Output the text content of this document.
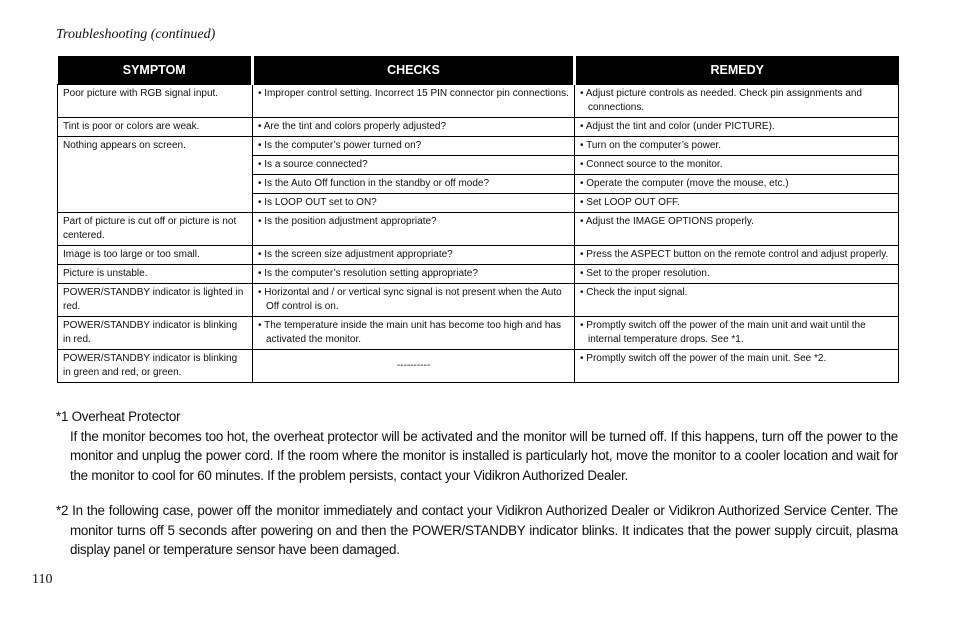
Troubleshooting (continued)
SYMPTOM	CHECKS	REMEDY
Poor picture with RGB signal input.	• Improper control setting. Incorrect 15 PIN connector pin connections.	• Adjust picture controls as needed. Check pin assignments and connections.
Tint is poor or colors are weak.	• Are the tint and colors properly adjusted?	• Adjust the tint and color (under PICTURE).
Nothing appears on screen.	• Is the computer’s power turned on?	• Turn on the computer’s power.
	• Is a source connected?	• Connect source to the monitor.
	• Is the Auto Off function in the standby or off mode?	• Operate the computer (move the mouse, etc.)
	• Is LOOP OUT set to ON?	• Set LOOP OUT OFF.
Part of picture is cut off or picture is not centered.	• Is the position adjustment appropriate?	• Adjust the IMAGE OPTIONS properly.
Image is too large or too small.	• Is the screen size adjustment appropriate?	• Press the ASPECT button on the remote control and adjust properly.
Picture is unstable.	• Is the computer’s resolution setting appropriate?	• Set to the proper resolution.
POWER/STANDBY indicator is lighted in red.	• Horizontal and / or vertical sync signal is not present when the Auto Off control is on.	• Check the input signal.
POWER/STANDBY indicator is blinking in red.	• The temperature inside the main unit has become too high and has activated the monitor.	• Promptly switch off the power of the main unit and wait until the internal temperature drops. See *1.
POWER/STANDBY indicator is blinking in green and red, or green.	----------	• Promptly switch off the power of the main unit. See *2.

*1 Overheat Protector

If the monitor becomes too hot, the overheat protector will be activated and the monitor will be turned off. If this happens, turn off the power to the monitor and unplug the power cord. If the room where the monitor is installed is particularly hot, move the monitor to a cooler location and wait for the monitor to cool for 60 minutes. If the problem persists, contact your Vidikron Authorized Dealer.

*2 In the following case, power off the monitor immediately and contact your Vidikron Authorized Dealer or Vidikron Authorized Service Center. The monitor turns off 5 seconds after powering on and then the POWER/STANDBY indicator blinks. It indicates that the power supply circuit, plasma display panel or temperature sensor have been damaged.

110
